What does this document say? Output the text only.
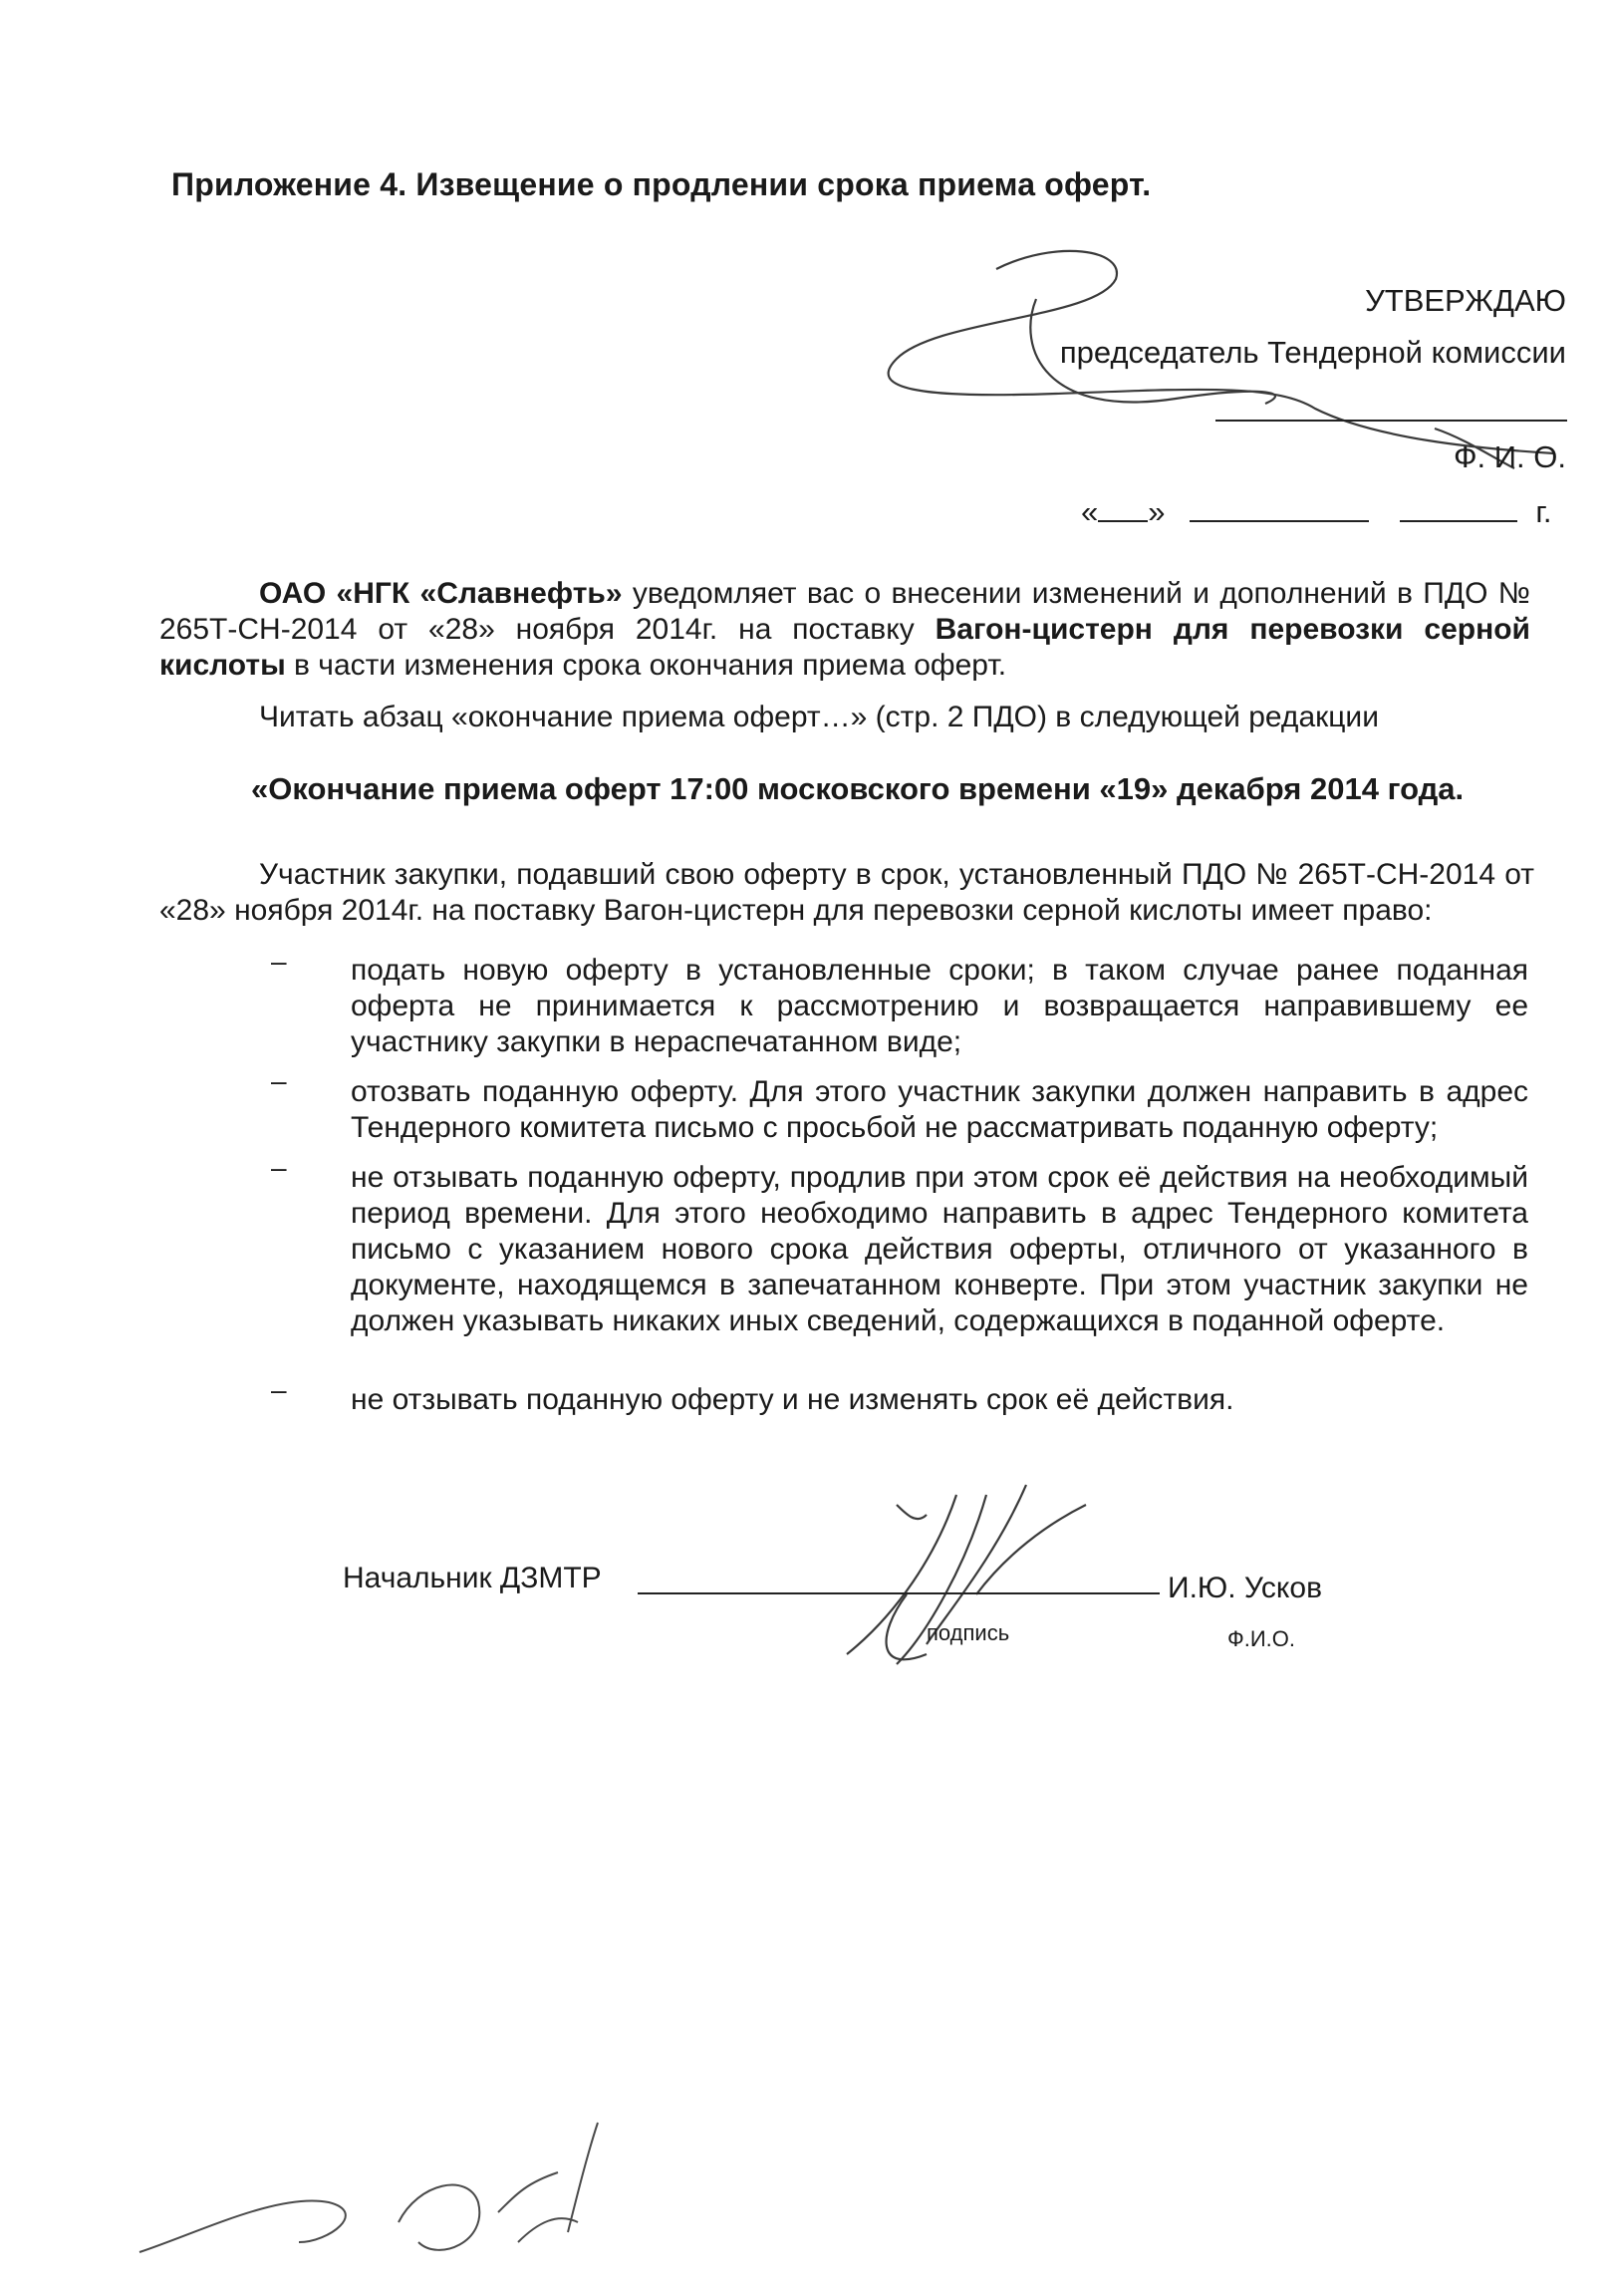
Приложение 4. Извещение о продлении срока приема оферт.
УТВЕРЖДАЮ
председатель Тендерной комиссии
Ф. И. О.
« »	г.
ОАО «НГК «Славнефть» уведомляет вас о внесении изменений и дополнений в ПДО № 265Т-СН-2014 от «28» ноября 2014г. на поставку Вагон-цистерн для перевозки серной кислоты в части изменения срока окончания приема оферт.
Читать абзац «окончание приема оферт…» (стр. 2 ПДО) в следующей редакции
«Окончание приема оферт 17:00 московского времени «19» декабря 2014 года.
Участник закупки, подавший свою оферту в срок, установленный ПДО № 265Т-СН-2014 от «28» ноября 2014г. на поставку Вагон-цистерн для перевозки серной кислоты имеет право:
– подать новую оферту в установленные сроки; в таком случае ранее поданная оферта не принимается к рассмотрению и возвращается направившему ее участнику закупки в нераспечатанном виде;
– отозвать поданную оферту. Для этого участник закупки должен направить в адрес Тендерного комитета письмо с просьбой не рассматривать поданную оферту;
– не отзывать поданную оферту, продлив при этом срок её действия на необходимый период времени. Для этого необходимо направить в адрес Тендерного комитета письмо с указанием нового срока действия оферты, отличного от указанного в документе, находящемся в запечатанном конверте. При этом участник закупки не должен указывать никаких иных сведений, содержащихся в поданной оферте.
– не отзывать поданную оферту и не изменять срок её действия.
Начальник ДЗМТР
подпись
И.Ю. Усков
Ф.И.О.
